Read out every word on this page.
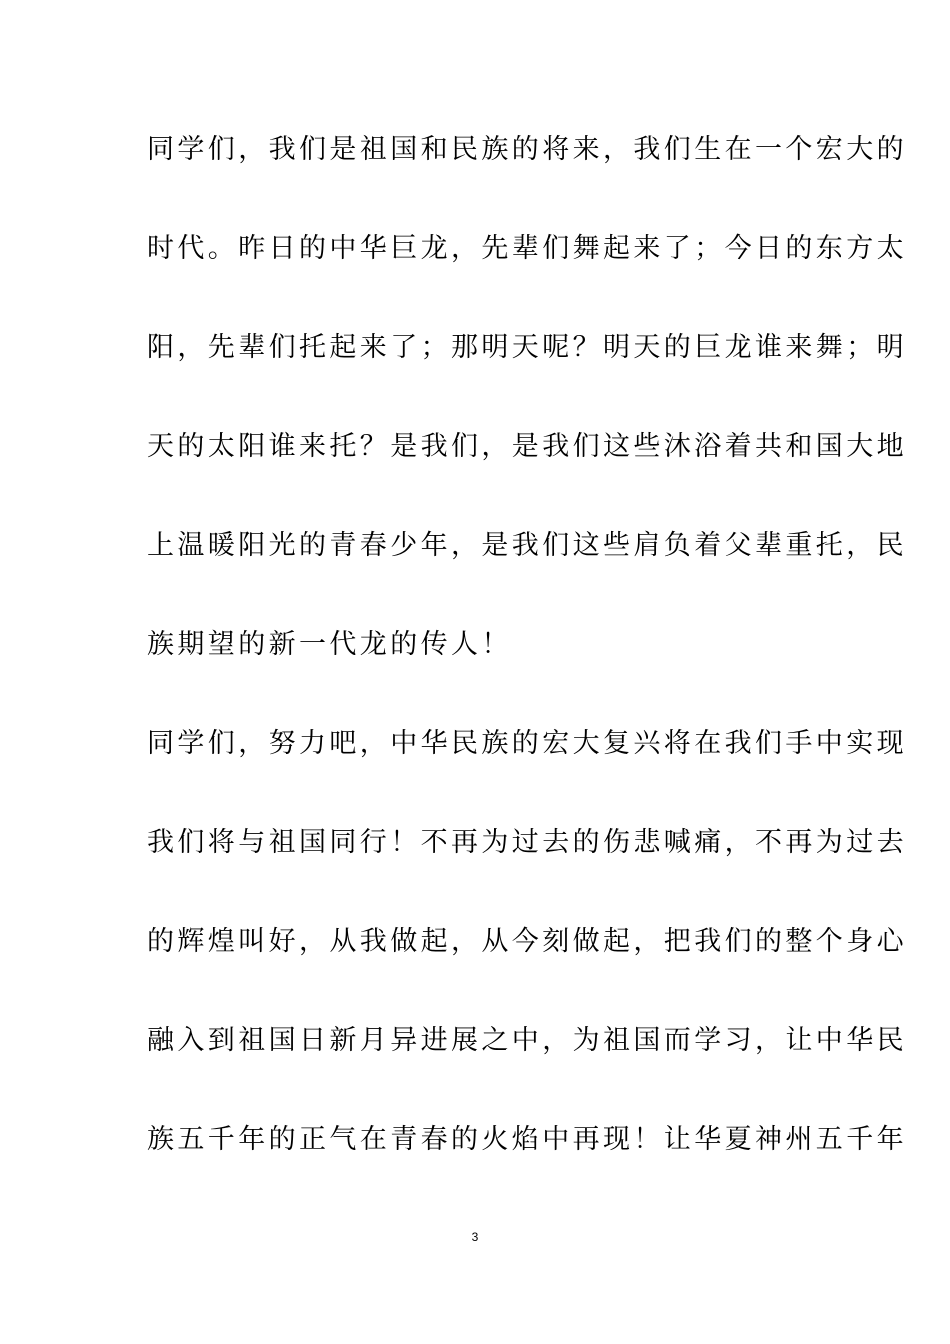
同学们，我们是祖国和民族的将来，我们生在一个宏大的
时代。昨日的中华巨龙，先辈们舞起来了；今日的东方太
阳，先辈们托起来了；那明天呢？明天的巨龙谁来舞；明
天的太阳谁来托？是我们，是我们这些沐浴着共和国大地
上温暖阳光的青春少年，是我们这些肩负着父辈重托，民
族期望的新一代龙的传人！
同学们，努力吧，中华民族的宏大复兴将在我们手中实现
我们将与祖国同行！不再为过去的伤悲喊痛，不再为过去
的辉煌叫好，从我做起，从今刻做起，把我们的整个身心
融入到祖国日新月异进展之中，为祖国而学习，让中华民
族五千年的正气在青春的火焰中再现！让华夏神州五千年
3
